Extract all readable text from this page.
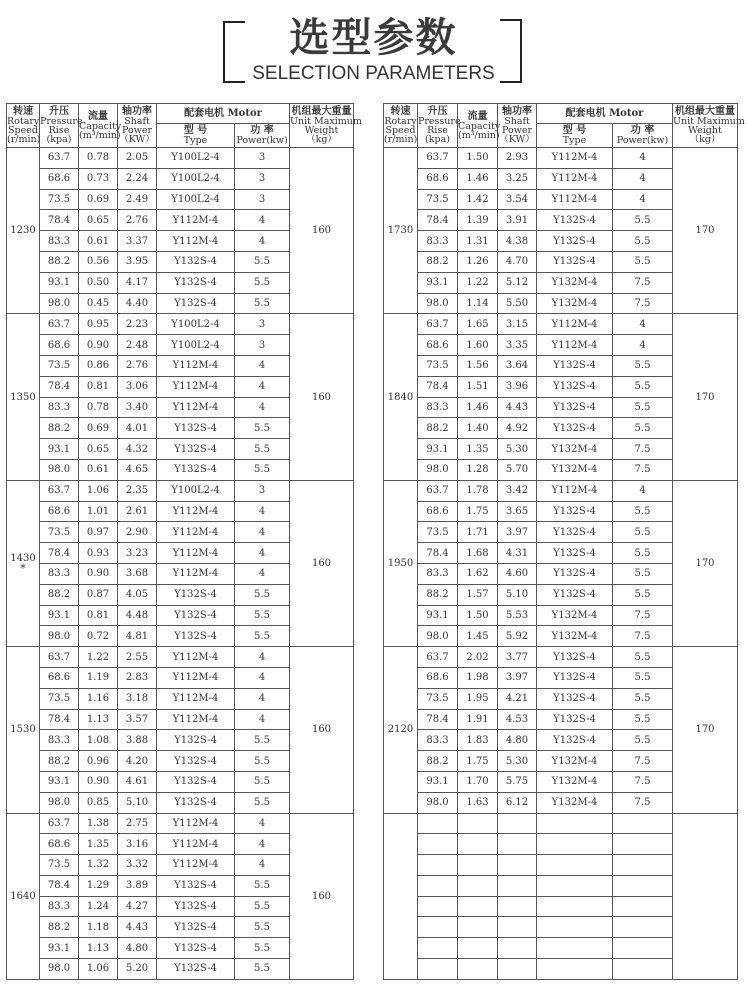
选型参数
SELECTION PARAMETERS
转速
Rotary
Speed
(r/min)	升压
Pressure
Rise
(kpa)	流量
Capacity
(m³/min)	轴功率
Shaft
Power
（KW）	配套电机 Motor		机组最大重量
Unit Maximum
Weight
（kg）

				型 号
Type	功 率
Power(kw)	

1230	63.7	0.78	2.05	Y100L2-4	3	160
	68.6	0.73	2.24	Y100L2-4	3	
	73.5	0.69	2.49	Y100L2-4	3	
	78.4	0.65	2.76	Y112M-4	4	
	83.3	0.61	3.37	Y112M-4	4	
	88.2	0.56	3.95	Y132S-4	5.5	
	93.1	0.50	4.17	Y132S-4	5.5	
	98.0	0.45	4.40	Y132S-4	5.5	
1350	63.7	0.95	2.23	Y100L2-4	3	160
	68.6	0.90	2.48	Y100L2-4	3	
	73.5	0.86	2.76	Y112M-4	4	
	78.4	0.81	3.06	Y112M-4	4	
	83.3	0.78	3.40	Y112M-4	4	
	88.2	0.69	4.01	Y132S-4	5.5	
	93.1	0.65	4.32	Y132S-4	5.5	
	98.0	0.61	4.65	Y132S-4	5.5	
1430
*	63.7	1.06	2.35	Y100L2-4	3	160
	68.6	1.01	2.61	Y112M-4	4	
	73.5	0.97	2.90	Y112M-4	4	
	78.4	0.93	3.23	Y112M-4	4	
	83.3	0.90	3.68	Y112M-4	4	
	88.2	0.87	4.05	Y132S-4	5.5	
	93.1	0.81	4.48	Y132S-4	5.5	
	98.0	0.72	4.81	Y132S-4	5.5	
1530	63.7	1.22	2.55	Y112M-4	4	160
	68.6	1.19	2.83	Y112M-4	4	
	73.5	1.16	3.18	Y112M-4	4	
	78.4	1.13	3.57	Y112M-4	4	
	83.3	1.08	3.88	Y132S-4	5.5	
	88.2	0.96	4.20	Y132S-4	5.5	
	93.1	0.90	4.61	Y132S-4	5.5	
	98.0	0.85	5.10	Y132S-4	5.5	
1640	63.7	1.38	2.75	Y112M-4	4	160
	68.6	1.35	3.16	Y112M-4	4	
	73.5	1.32	3.32	Y112M-4	4	
	78.4	1.29	3.89	Y132S-4	5.5	
	83.3	1.24	4.27	Y132S-4	5.5	
	88.2	1.18	4.43	Y132S-4	5.5	
	93.1	1.13	4.80	Y132S-4	5.5	
	98.0	1.06	5.20	Y132S-4	5.5	
转速
Rotary
Speed
(r/min)	升压
Pressure
Rise
(kpa)	流量
Capacity
(m³/min)	轴功率
Shaft
Power
（KW）	配套电机 Motor		机组最大重量
Unit Maximum
Weight
（kg）

				型 号
Type	功 率
Power(kw)	

1730	63.7	1.50	2.93	Y112M-4	4	170
	68.6	1.46	3.25	Y112M-4	4	
	73.5	1.42	3.54	Y112M-4	4	
	78.4	1.39	3.91	Y132S-4	5.5	
	83.3	1.31	4.38	Y132S-4	5.5	
	88.2	1.26	4.70	Y132S-4	5.5	
	93.1	1.22	5.12	Y132M-4	7.5	
	98.0	1.14	5.50	Y132M-4	7.5	
1840	63.7	1.65	3.15	Y112M-4	4	170
	68.6	1.60	3.35	Y112M-4	4	
	73.5	1.56	3.64	Y132S-4	5.5	
	78.4	1.51	3.96	Y132S-4	5.5	
	83.3	1.46	4.43	Y132S-4	5.5	
	88.2	1.40	4.92	Y132S-4	5.5	
	93.1	1.35	5.30	Y132M-4	7.5	
	98.0	1.28	5.70	Y132M-4	7.5	
1950	63.7	1.78	3.42	Y112M-4	4	170
	68.6	1.75	3.65	Y132S-4	5.5	
	73.5	1.71	3.97	Y132S-4	5.5	
	78.4	1.68	4.31	Y132S-4	5.5	
	83.3	1.62	4.60	Y132S-4	5.5	
	88.2	1.57	5.10	Y132S-4	5.5	
	93.1	1.50	5.53	Y132M-4	7.5	
	98.0	1.45	5.92	Y132M-4	7.5	
2120	63.7	2.02	3.77	Y132S-4	5.5	170
	68.6	1.98	3.97	Y132S-4	5.5	
	73.5	1.95	4.21	Y132S-4	5.5	
	78.4	1.91	4.53	Y132S-4	5.5	
	83.3	1.83	4.80	Y132S-4	5.5	
	88.2	1.75	5.30	Y132M-4	7.5	
	93.1	1.70	5.75	Y132M-4	7.5	
	98.0	1.63	6.12	Y132M-4	7.5	
